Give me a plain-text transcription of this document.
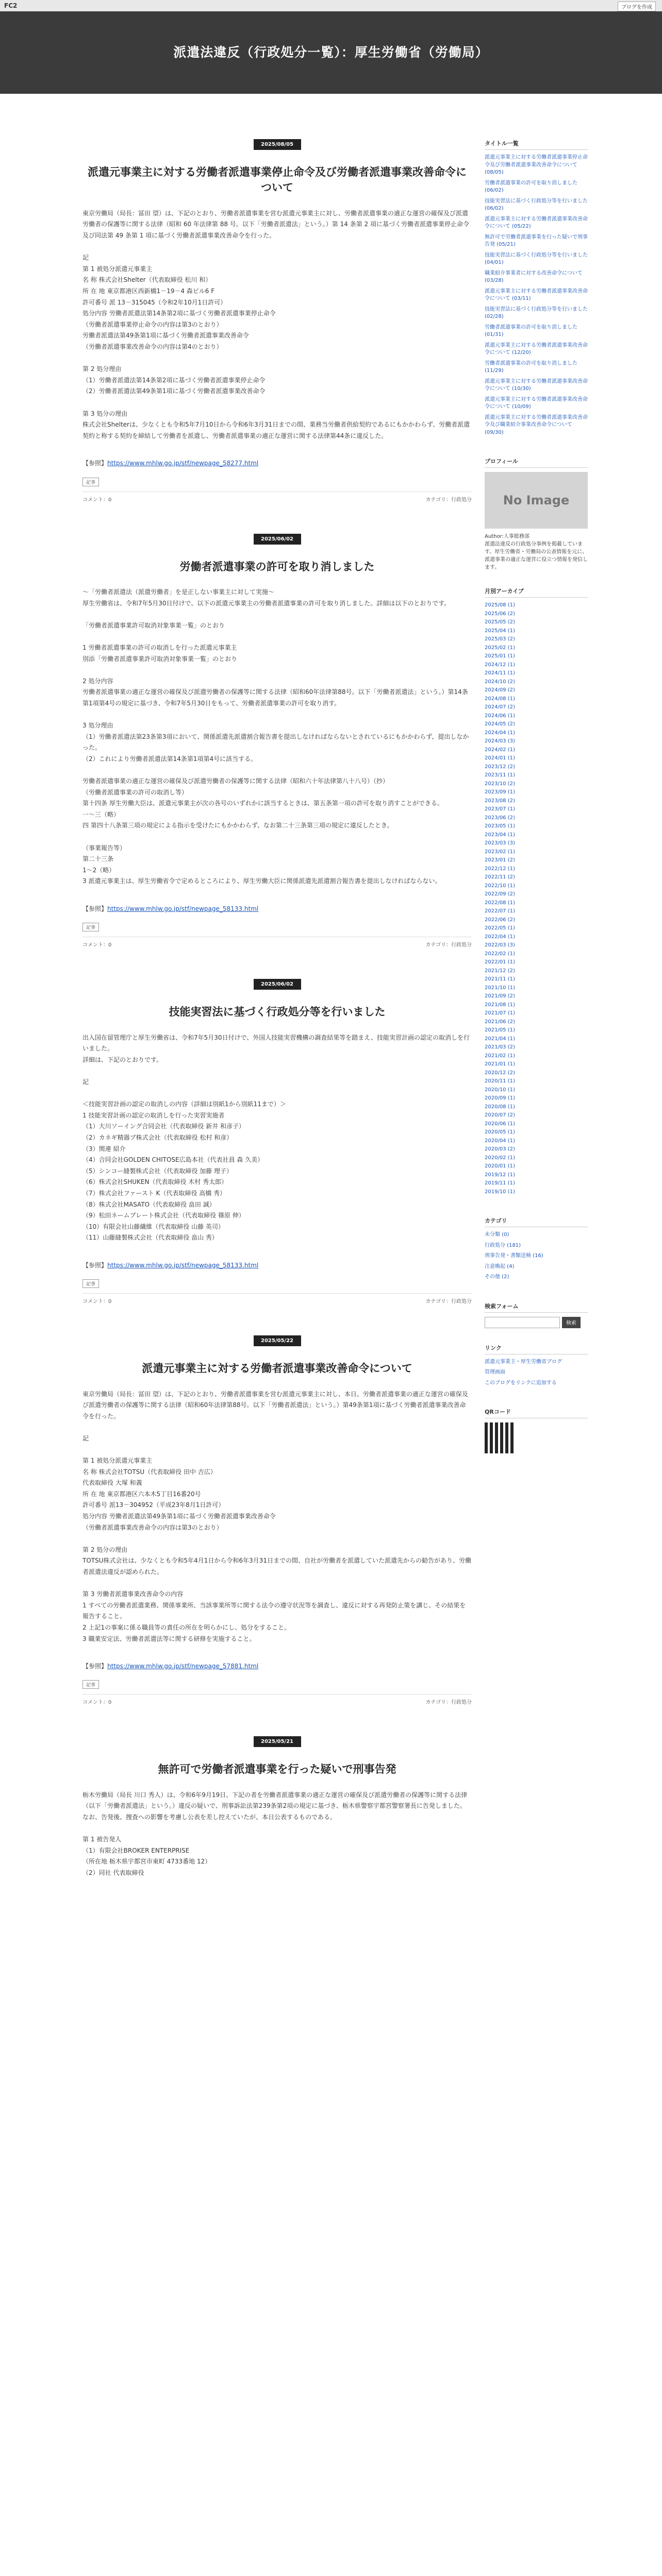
FC2	ブログを作成
派遣法違反（行政処分一覧）：厚生労働省（労働局）
2025/08/05
派遣元事業主に対する労働者派遣事業停止命令及び労働者派遣事業改善命令について
東京労働局（局長：冨田 望）は、下記のとおり、労働者派遣事業を営む派遣元事業主に対し、労働者派遣事業の適正な運営の確保及び派遣労働者の保護等に関する法律（昭和 60 年法律第 88 号。以下「労働者派遣法」という。）第 14 条第 2 項に基づく労働者派遣事業停止命令及び同法第 49 条第 1 項に基づく労働者派遣事業改善命令を行った。

記
第 1 被処分派遣元事業主
名 称 株式会社Shelter（代表取締役 松川 和）
所 在 地 東京都港区西新橋1－19－4 森ビル6 F
許可番号 派 13－315045（令和2年10月1日許可）
処分内容 労働者派遣法第14条第2項に基づく労働者派遣事業停止命令
（労働者派遣事業停止命令の内容は第3のとおり）
労働者派遣法第49条第1項に基づく労働者派遣事業改善命令
（労働者派遣事業改善命令の内容は第4のとおり）

第 2 処分理由
（1）労働者派遣法第14条第2項に基づく労働者派遣事業停止命令
（2）労働者派遣法第49条第1項に基づく労働者派遣事業改善命令

第 3 処分の理由
株式会社Shelterは、少なくとも令和5年7月10日から令和6年3月31日までの間、業務当労働者供給契約であるにもかかわらず、労働者派遣契約と称する契約を締結して労働者を派遣し、労働者派遣事業の適正な運営に関する法律第44条に違反した。

【参照】https://www.mhlw.go.jp/stf/newpage_58277.html
記事
コメント：0	カテゴリ：行政処分
2025/06/02
労働者派遣事業の許可を取り消しました
〜「労働者派遣法（派遣労働者」を是正しない事業主に対して実施〜
厚生労働省は、令和7年5月30日付けで、以下の派遣元事業主の労働者派遣事業の許可を取り消しました。詳細は以下のとおりです。

「労働者派遣事業許可取消対象事業一覧」のとおり

1 労働者派遣事業の許可の取消しを行った派遣元事業主
別添「労働者派遣事業許可取消対象事業一覧」のとおり

2 処分内容
労働者派遣事業の適正な運営の確保及び派遣労働者の保護等に関する法律（昭和60年法律第88号。以下「労働者派遣法」という。）第14条第1項第4号の規定に基づき、令和7年5月30日をもって、労働者派遣事業の許可を取り消す。

3 処分理由
（1）労働者派遣法第23条第3項において、関係派遣先派遣割合報告書を提出しなければならないとされているにもかかわらず、提出しなかった。
（2）これにより労働者派遣法第14条第1項第4号に該当する。

労働者派遣事業の適正な運営の確保及び派遣労働者の保護等に関する法律（昭和六十年法律第八十八号）（抄）
（労働者派遣事業の許可の取消し等）
第十四条 厚生労働大臣は、派遣元事業主が次の各号のいずれかに該当するときは、第五条第一項の許可を取り消すことができる。
一〜三（略）
四 第四十八条第三項の規定による指示を受けたにもかかわらず、なお第二十三条第三項の規定に違反したとき。

（事業報告等）
第二十三条
1〜2（略）
3 派遣元事業主は、厚生労働省令で定めるところにより、厚生労働大臣に関係派遣先派遣割合報告書を提出しなければならない。

【参照】https://www.mhlw.go.jp/stf/newpage_58133.html
記事
コメント：0	カテゴリ：行政処分
2025/06/02
技能実習法に基づく行政処分等を行いました
出入国在留管理庁と厚生労働省は、令和7年5月30日付けで、外国人技能実習機構の調査結果等を踏まえ、技能実習計画の認定の取消しを行いました。
詳細は、下記のとおりです。

記

＜技能実習計画の認定の取消しの内容（詳細は別紙1から別紙11まで）＞
1 技能実習計画の認定の取消しを行った実習実施者
（1）大川ソーイング合同会社（代表取締役 新井 和彦子）
（2）カネギ精器ブ株式会社（代表取締役 松村 和彦）
（3）関連 紹介
（4）合同会社GOLDEN CHITOSE広島本社（代表社員 森 久美）
（5）シンコー縫製株式会社（代表取締役 加藤 理子）
（6）株式会社SHUKEN（代表取締役 木村 秀太郎）
（7）株式会社ファースト K（代表取締役 高橋 秀）
（8）株式会社MASATO（代表取締役 畠田 誠）
（9）松田ネームプレート株式会社（代表取締役 篠原 伸）
（10）有限会社山藤繊維（代表取締役 山藤 英司）
（11）山藤縫製株式会社（代表取締役 畠山 秀）

【参照】https://www.mhlw.go.jp/stf/newpage_58133.html
記事
コメント：0	カテゴリ：行政処分
2025/05/22
派遣元事業主に対する労働者派遣事業改善命令について
東京労働局（局長：冨田 望）は、下記のとおり、労働者派遣事業を営む派遣元事業主に対し、本日、労働者派遣事業の適正な運営の確保及び派遣労働者の保護等に関する法律（昭和60年法律第88号。以下「労働者派遣法」という。）第49条第1項に基づく労働者派遣事業改善命令を行った。

記

第 1 被処分派遣元事業主
名 称 株式会社TOTSU（代表取締役 田中 吉広）
代表取締役 大塚 和義
所 在 地 東京都港区六本木5丁目16番20号
許可番号 派13－304952（平成23年8月1日許可）
処分内容 労働者派遣法第49条第1項に基づく労働者派遣事業改善命令
（労働者派遣事業改善命令の内容は第3のとおり）

第 2 処分の理由
TOTSU株式会社は、少なくとも令和5年4月1日から令和6年3月31日までの間、自社が労働者を派遣していた派遣先からの勧告があり、労働者派遣法違反が認められた。

第 3 労働者派遣事業改善命令の内容
1 すべての労働者派遣業務、関係事業所、当該事業所等に関する法令の遵守状況等を調査し、違反に対する再発防止策を講じ、その結果を報告すること。
2 上記1の事案に係る職員等の責任の所在を明らかにし、処分をすること。
3 職業安定法、労働者派遣法等に関する研修を実施すること。

【参照】https://www.mhlw.go.jp/stf/newpage_57881.html
記事
コメント：0	カテゴリ：行政処分
2025/05/21
無許可で労働者派遣事業を行った疑いで刑事告発
栃木労働局（局長 川口 秀人）は、令和6年9月19日、下記の者を労働者派遣事業の適正な運営の確保及び派遣労働者の保護等に関する法律（以下「労働者派遣法」という。）違反の疑いで、刑事訴訟法第239条第2項の規定に基づき、栃木県警察宇都宮警察署長に告発しました。
なお、告発後、捜査への影響を考慮し公表を差し控えていたが、本日公表するものである。

第 1 被告発人
（1）有限会社BROKER ENTERPRISE
（所在地 栃木県宇都宮市東町 4733番地 12）
（2）同社 代表取締役
タイトル一覧
派遣元事業主に対する労働者派遣事業停止命令及び労働者派遣事業改善命令について (08/05)
労働者派遣事業の許可を取り消しました (06/02)
技能実習法に基づく行政処分等を行いました (06/02)
派遣元事業主に対する労働者派遣事業改善命令について (05/22)
無許可で労働者派遣事業を行った疑いで刑事告発 (05/21)
技能実習法に基づく行政処分等を行いました (04/01)
職業紹介事業者に対する改善命令について (03/28)
派遣元事業主に対する労働者派遣事業改善命令について (03/11)
技能実習法に基づく行政処分等を行いました (02/28)
労働者派遣事業の許可を取り消しました (01/31)
派遣元事業主に対する労働者派遣事業改善命令について (12/20)
労働者派遣事業の許可を取り消しました (11/29)
派遣元事業主に対する労働者派遣事業改善命令について (10/30)
派遣元事業主に対する労働者派遣事業改善命令について (10/09)
派遣元事業主に対する労働者派遣事業改善命令及び職業紹介事業改善命令について (09/30)
プロフィール
No Image
Author:人事総務部
派遣法違反の行政処分事例を掲載しています。厚生労働省・労働局の公表情報を元に、派遣事業の適正な運営に役立つ情報を発信します。
月別アーカイブ
2025/08 (1)
2025/06 (2)
2025/05 (2)
2025/04 (1)
2025/03 (2)
2025/02 (1)
2025/01 (1)
2024/12 (1)
2024/11 (1)
2024/10 (2)
2024/09 (2)
2024/08 (1)
2024/07 (2)
2024/06 (1)
2024/05 (2)
2024/04 (1)
2024/03 (3)
2024/02 (1)
2024/01 (1)
2023/12 (2)
2023/11 (1)
2023/10 (2)
2023/09 (1)
2023/08 (2)
2023/07 (1)
2023/06 (2)
2023/05 (1)
2023/04 (1)
2023/03 (3)
2023/02 (1)
2023/01 (2)
2022/12 (1)
2022/11 (2)
2022/10 (1)
2022/09 (2)
2022/08 (1)
2022/07 (1)
2022/06 (2)
2022/05 (1)
2022/04 (1)
2022/03 (3)
2022/02 (1)
2022/01 (1)
2021/12 (2)
2021/11 (1)
2021/10 (1)
2021/09 (2)
2021/08 (1)
2021/07 (1)
2021/06 (2)
2021/05 (1)
2021/04 (1)
2021/03 (2)
2021/02 (1)
2021/01 (1)
2020/12 (2)
2020/11 (1)
2020/10 (1)
2020/09 (1)
2020/08 (1)
2020/07 (2)
2020/06 (1)
2020/05 (1)
2020/04 (1)
2020/03 (2)
2020/02 (1)
2020/01 (1)
2019/12 (1)
2019/11 (1)
2019/10 (1)
カテゴリ
未分類 (0)
行政処分 (181)
刑事告発・書類送検 (16)
注意喚起 (4)
その他 (2)
検索フォーム
検索
リンク
派遣元事業主・厚生労働省ブログ
管理画面
このブログをリンクに追加する
QRコード
